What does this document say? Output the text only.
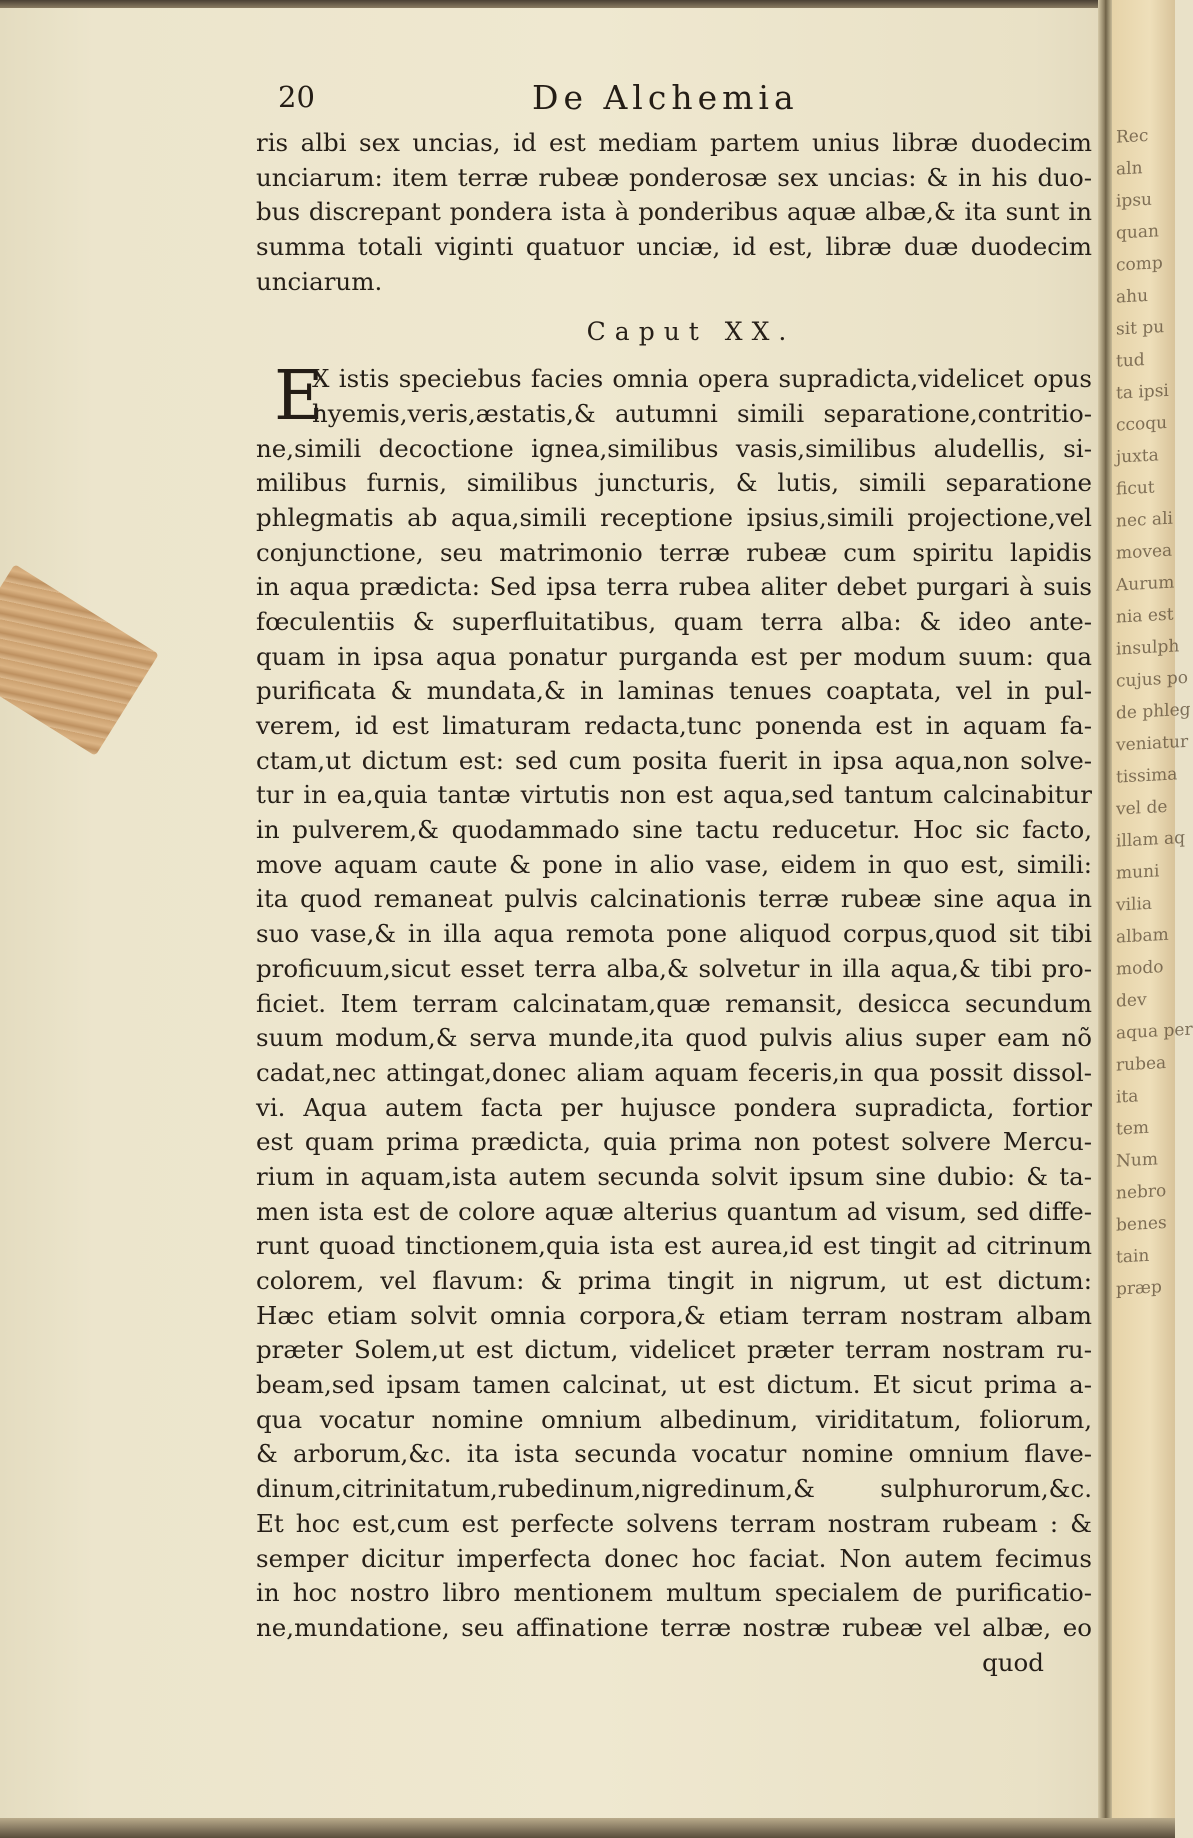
Rec
aln
ipsu
quan
comp
ahu
sit pu
tud
ta ipsi
ccoqu
juxta
ficut
nec ali
movea
Aurum
nia est
insulph
cujus po
de phleg
veniatur
tissima
vel de
illam aq
muni
vilia
albam
modo
dev
aqua per
rubea
ita
tem
Num
nebro
benes
tain
præp
20	De Alchemia
ris albi sex uncias, id est mediam partem unius libræ duodecim
unciarum: item terræ rubeæ ponderosæ sex uncias: & in his duo-
bus discrepant pondera ista à ponderibus aquæ albæ,& ita sunt in
summa totali viginti quatuor unciæ, id est, libræ duæ duodecim
unciarum.
Caput XX.
E
X istis speciebus facies omnia opera supradicta,videlicet opus
hyemis,veris,æstatis,& autumni simili separatione,contritio-
ne,simili decoctione ignea,similibus vasis,similibus aludellis, si-
milibus furnis, similibus juncturis, & lutis, simili separatione
phlegmatis ab aqua,simili receptione ipsius,simili projectione,vel
conjunctione, seu matrimonio terræ rubeæ cum spiritu lapidis
in aqua prædicta: Sed ipsa terra rubea aliter debet purgari à suis
fœculentiis & superfluitatibus, quam terra alba: & ideo ante-
quam in ipsa aqua ponatur purganda est per modum suum: qua
purificata & mundata,& in laminas tenues coaptata, vel in pul-
verem, id est limaturam redacta,tunc ponenda est in aquam fa-
ctam,ut dictum est: sed cum posita fuerit in ipsa aqua,non solve-
tur in ea,quia tantæ virtutis non est aqua,sed tantum calcinabitur
in pulverem,& quodammado sine tactu reducetur. Hoc sic facto,
move aquam caute & pone in alio vase, eidem in quo est, simili:
ita quod remaneat pulvis calcinationis terræ rubeæ sine aqua in
suo vase,& in illa aqua remota pone aliquod corpus,quod sit tibi
proficuum,sicut esset terra alba,& solvetur in illa aqua,& tibi pro-
ficiet. Item terram calcinatam,quæ remansit, desicca secundum
suum modum,& serva munde,ita quod pulvis alius super eam nõ
cadat,nec attingat,donec aliam aquam feceris,in qua possit dissol-
vi. Aqua autem facta per hujusce pondera supradicta, fortior
est quam prima prædicta, quia prima non potest solvere Mercu-
rium in aquam,ista autem secunda solvit ipsum sine dubio: & ta-
men ista est de colore aquæ alterius quantum ad visum, sed diffe-
runt quoad tinctionem,quia ista est aurea,id est tingit ad citrinum
colorem, vel flavum: & prima tingit in nigrum, ut est dictum:
Hæc etiam solvit omnia corpora,& etiam terram nostram albam
præter Solem,ut est dictum, videlicet præter terram nostram ru-
beam,sed ipsam tamen calcinat, ut est dictum. Et sicut prima a-
qua vocatur nomine omnium albedinum, viriditatum, foliorum,
& arborum,&c. ita ista secunda vocatur nomine omnium flave-
dinum,citrinitatum,rubedinum,nigredinum,& sulphurorum,&c.
Et hoc est,cum est perfecte solvens terram nostram rubeam : &
semper dicitur imperfecta donec hoc faciat. Non autem fecimus
in hoc nostro libro mentionem multum specialem de purificatio-
ne,mundatione, seu affinatione terræ nostræ rubeæ vel albæ, eo
quod
